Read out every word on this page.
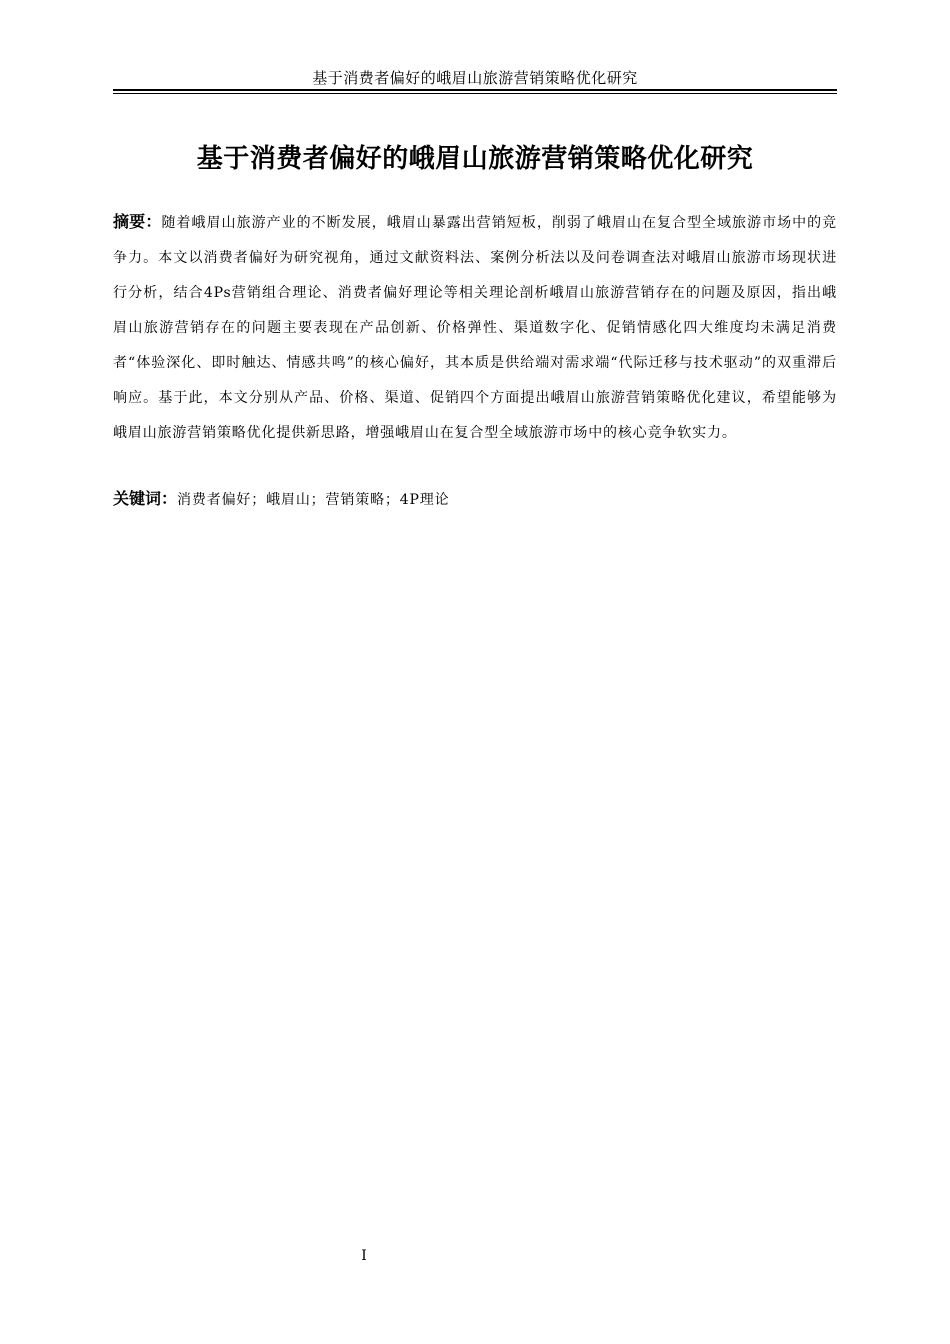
基于消费者偏好的峨眉山旅游营销策略优化研究
基于消费者偏好的峨眉山旅游营销策略优化研究
摘要：随着峨眉山旅游产业的不断发展，峨眉山暴露出营销短板，削弱了峨眉山在复合型全域旅游市场中的竞争力。本文以消费者偏好为研究视角，通过文献资料法、案例分析法以及问卷调查法对峨眉山旅游市场现状进行分析，结合4Ps营销组合理论、消费者偏好理论等相关理论剖析峨眉山旅游营销存在的问题及原因，指出峨眉山旅游营销存在的问题主要表现在产品创新、价格弹性、渠道数字化、促销情感化四大维度均未满足消费者“体验深化、即时触达、情感共鸣”的核心偏好，其本质是供给端对需求端“代际迁移与技术驱动”的双重滞后响应。基于此，本文分别从产品、价格、渠道、促销四个方面提出峨眉山旅游营销策略优化建议，希望能够为峨眉山旅游营销策略优化提供新思路，增强峨眉山在复合型全域旅游市场中的核心竞争软实力。
关键词：消费者偏好；峨眉山；营销策略；4P理论
I
